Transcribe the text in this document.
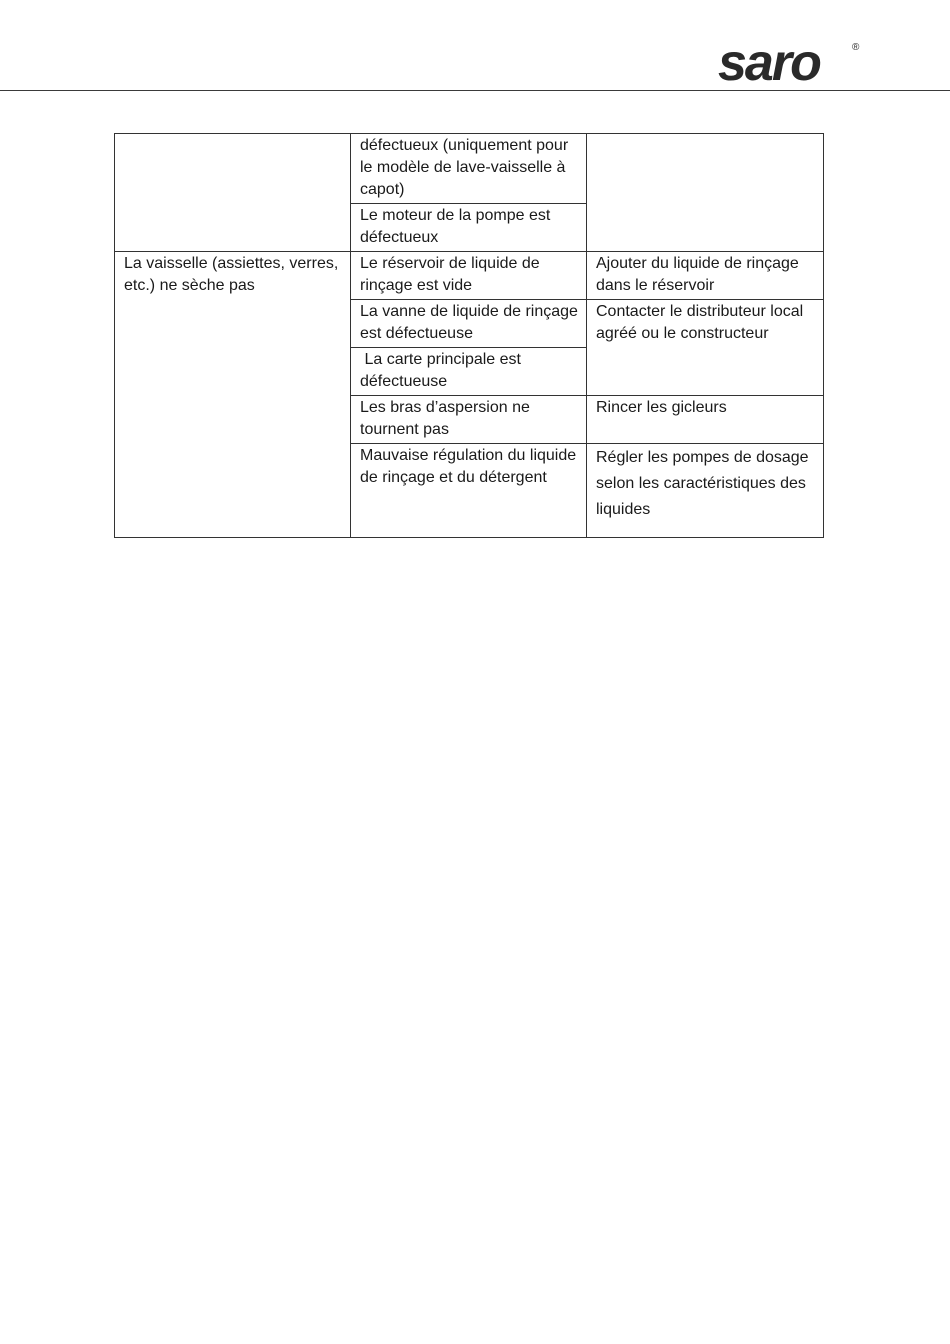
saro	®
	défectueux (uniquement pour le modèle de lave-vaisselle à capot)	
	Le moteur de la pompe est défectueux	
La vaisselle (assiettes, verres, etc.) ne sèche pas	Le réservoir de liquide de rinçage est vide	Ajouter du liquide de rinçage dans le réservoir
	La vanne de liquide de rinçage est défectueuse	Contacter le distributeur local agréé ou le constructeur
	La carte principale est défectueuse	
	Les bras d’aspersion ne tournent pas	Rincer les gicleurs
	Mauvaise régulation du liquide de rinçage et du détergent	Régler les pompes de dosage selon les caractéristiques des liquides
